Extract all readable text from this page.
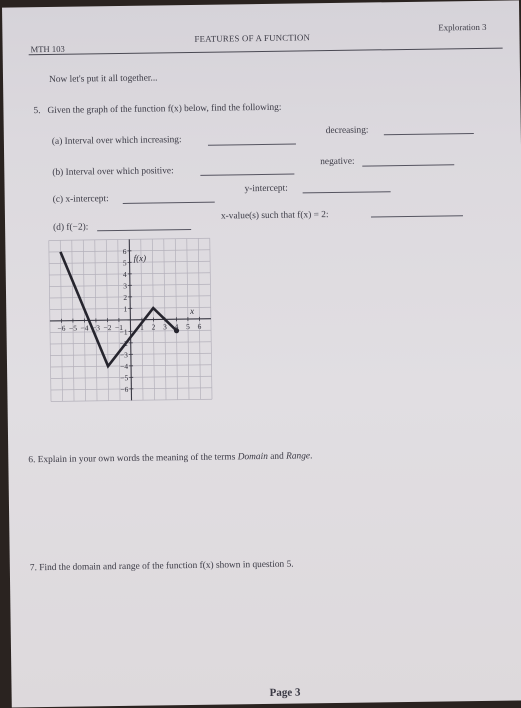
MTH 103
FEATURES OF A FUNCTION
Exploration 3
Now let's put it all together...
5. Given the graph of the function f(x) below, find the following:
(a) Interval over which increasing:
decreasing:
(b) Interval over which positive:
negative:
(c) x-intercept:
y-intercept:
(d) f(−2):
x-value(s) such that f(x) = 2:
−6 −5 −4 −3 −2 −1 1 2 3 4 5 6
6
5
4
3
2
1
−1
−2
−3
−4
−5
−6
f(x)
x
6. Explain in your own words the meaning of the terms Domain and Range.
7. Find the domain and range of the function f(x) shown in question 5.
Page 3
